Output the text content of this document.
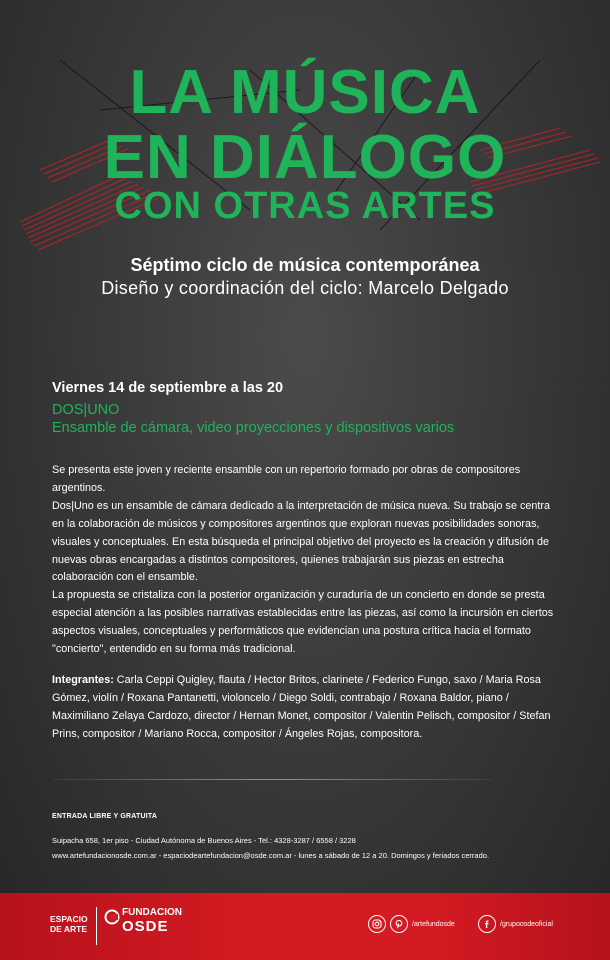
LA MÚSICA
EN DIÁLOGO
CON OTRAS ARTES
Séptimo ciclo de música contemporánea
Diseño y coordinación del ciclo: Marcelo Delgado
Viernes 14 de septiembre a las 20
DOS|UNO
Ensamble de cámara, video proyecciones y dispositivos varios

Se presenta este joven y reciente ensamble con un repertorio formado por obras de compositores argentinos.

Dos|Uno es un ensamble de cámara dedicado a la interpretación de música nueva. Su trabajo se centra en la colaboración de músicos y compositores argentinos que exploran nuevas posibilidades sonoras, visuales y conceptuales. En esta búsqueda el principal objetivo del proyecto es la creación y difusión de nuevas obras encargadas a distintos compositores, quienes trabajarán sus piezas en estrecha colaboración con el ensamble.

La propuesta se cristaliza con la posterior organización y curaduría de un concierto en donde se presta especial atención a las posibles narrativas establecidas entre las piezas, así como la incursión en ciertos aspectos visuales, conceptuales y performáticos que evidencian una postura crítica hacia el formato "concierto", entendido en su forma más tradicional.

Integrantes: Carla Ceppi Quigley, flauta / Hector Britos, clarinete / Federico Fungo, saxo / Maria Rosa Gómez, violín / Roxana Pantanetti, violoncelo / Diego Soldi, contrabajo / Roxana Baldor, piano / Maximiliano Zelaya Cardozo, director / Hernan Monet, compositor / Valentin Pelisch, compositor / Stefan Prins, compositor / Mariano Rocca, compositor / Ángeles Rojas, compositora.
ENTRADA LIBRE Y GRATUITA
Suipacha 658, 1er piso - Ciudad Autónoma de Buenos Aires - Tel.: 4328-3287 / 6558 / 3228
www.artefundacionosde.com.ar - espaciodeartefundacion@osde.com.ar - lunes a sábado de 12 a 20. Domingos y feriados cerrado.
ESPACIO
DE ARTE
FUNDACION
OSDE	/artefundosde	/grupoosdeoficial
